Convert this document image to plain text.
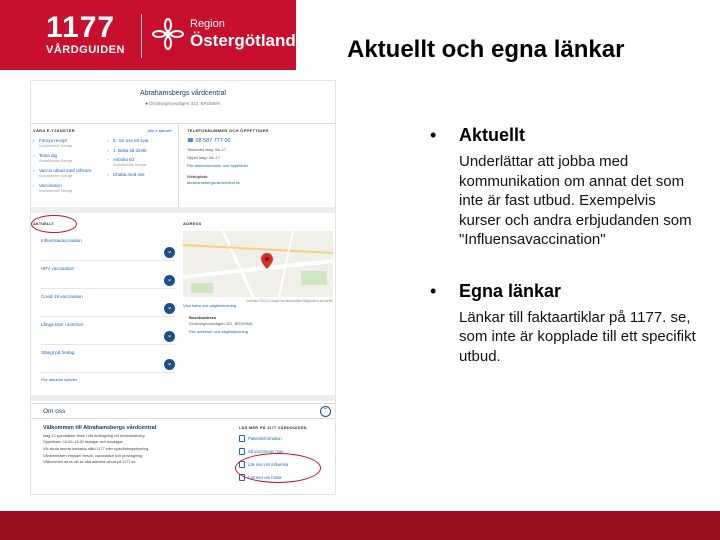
1177
VÅRDGUIDEN
Region
Östergötland Aktuellt och egna länkar
Abrahamsbergs vårdcentral
● Drottninghovsvägen 322, BROMMA
VÅRA E-TJÄNSTER	Alla e-tjänster
› Förnya recept
Kontaktenhet Sverige
› Testa dig
Kontaktenhet Sverige
› Vaccin utbud med utförare
Kontaktenhet Sverige
› Vaccination
Kontaktenhet Sverige
› E. Ge oss ett svar
› 1. Boka tid direkt
› Avboka tid
Kontaktenhet Sverige
› Chatta med oss
TELEFONNUMMER OCH ÖPPETTIDER
☎ 08 587 777 00
Telefontid idag: 08–17
Öppet idag: 08–17
Fler telefonnummer och öppettider
Webbplats:
abrahamsbergsvardcentral.se
AKTUELLT
Influensavaccination
⌄
HPV vaccination
⌄
Covid-19 vaccination
⌄
Långa köer i sommar
⌄
Stängt på fredag
⌄
Fler aktuella nyheter
ADRESS
Kartdata ©2020 Google Användarvillkor Rapportera ett kartfel
Visa karta och vägbeskrivning
Besöksadress
Drottninghovsvägen 322, BROMMA
Fler adresser och vägbeskrivning
Om oss	⌃
Välkommen till Abrahamsbergs vårdcentral
Idag 12 specialister finns i vår mottagning vid överbelastning.
Öppettider: 10.00–15.00 tisdagar och torsdagar.
Vid akuta besvär kontakta alltid 1177 eller sjukvårdsupplysning.
Vårdcentralen erbjuder besök, vaccination och provtagning.
Välkommen att ta del av vårt aktuella utbud på 1177.se.
LÄS MER PÅ 1177 VÅRDGUIDEN
Patientinformation
Så vaccineras man
Läs mer om influensa
Läs mer om hosta
• Aktuellt
Underlättar att jobba med kommunikation om annat det som inte är fast utbud. Exempelvis kurser och andra erbjudanden som "Influensavaccination"
• Egna länkar
Länkar till faktaartiklar på 1177. se, som inte är kopplade till ett specifikt utbud.
